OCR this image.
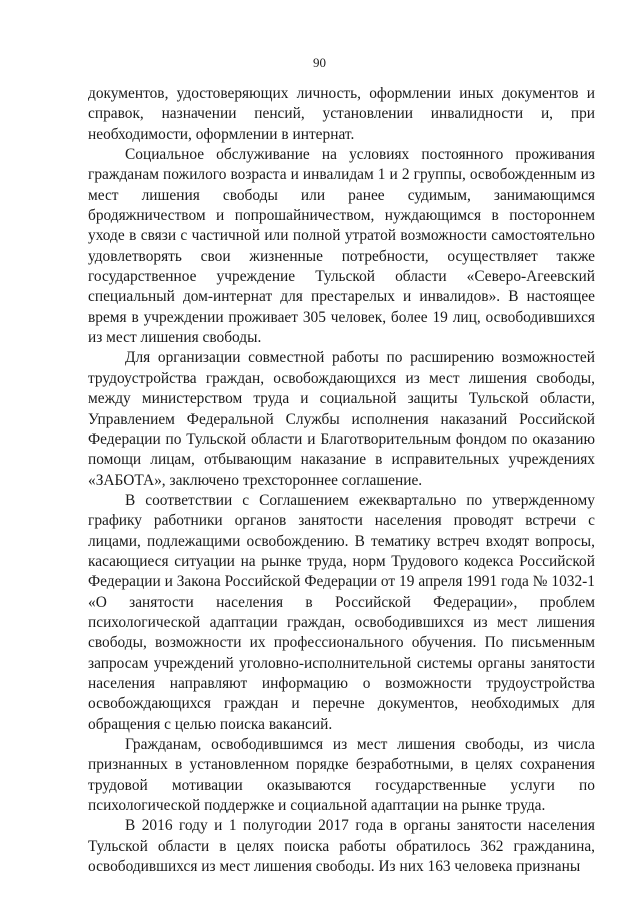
90

документов, удостоверяющих личность, оформлении иных документов и справок, назначении пенсий, установлении инвалидности и, при необходимости, оформлении в интернат.

Социальное обслуживание на условиях постоянного проживания гражданам пожилого возраста и инвалидам 1 и 2 группы, освобожденным из мест лишения свободы или ранее судимым, занимающимся бродяжничеством и попрошайничеством, нуждающимся в постороннем уходе в связи с частичной или полной утратой возможности самостоятельно удовлетворять свои жизненные потребности, осуществляет также государственное учреждение Тульской области «Северо-Агеевский специальный дом-интернат для престарелых и инвалидов». В настоящее время в учреждении проживает 305 человек, более 19 лиц, освободившихся из мест лишения свободы.

Для организации совместной работы по расширению возможностей трудоустройства граждан, освобождающихся из мест лишения свободы, между министерством труда и социальной защиты Тульской области, Управлением Федеральной Службы исполнения наказаний Российской Федерации по Тульской области и Благотворительным фондом по оказанию помощи лицам, отбывающим наказание в исправительных учреждениях «ЗАБОТА», заключено трехстороннее соглашение.

В соответствии с Соглашением ежеквартально по утвержденному графику работники органов занятости населения проводят встречи с лицами, подлежащими освобождению. В тематику встреч входят вопросы, касающиеся ситуации на рынке труда, норм Трудового кодекса Российской Федерации и Закона Российской Федерации от 19 апреля 1991 года № 1032-1 «О занятости населения в Российской Федерации», проблем психологической адаптации граждан, освободившихся из мест лишения свободы, возможности их профессионального обучения. По письменным запросам учреждений уголовно-исполнительной системы органы занятости населения направляют информацию о возможности трудоустройства освобождающихся граждан и перечне документов, необходимых для обращения с целью поиска вакансий.

Гражданам, освободившимся из мест лишения свободы, из числа признанных в установленном порядке безработными, в целях сохранения трудовой мотивации оказываются государственные услуги по психологической поддержке и социальной адаптации на рынке труда.

В 2016 году и 1 полугодии 2017 года в органы занятости населения Тульской области в целях поиска работы обратилось 362 гражданина, освободившихся из мест лишения свободы. Из них 163 человека признаны
